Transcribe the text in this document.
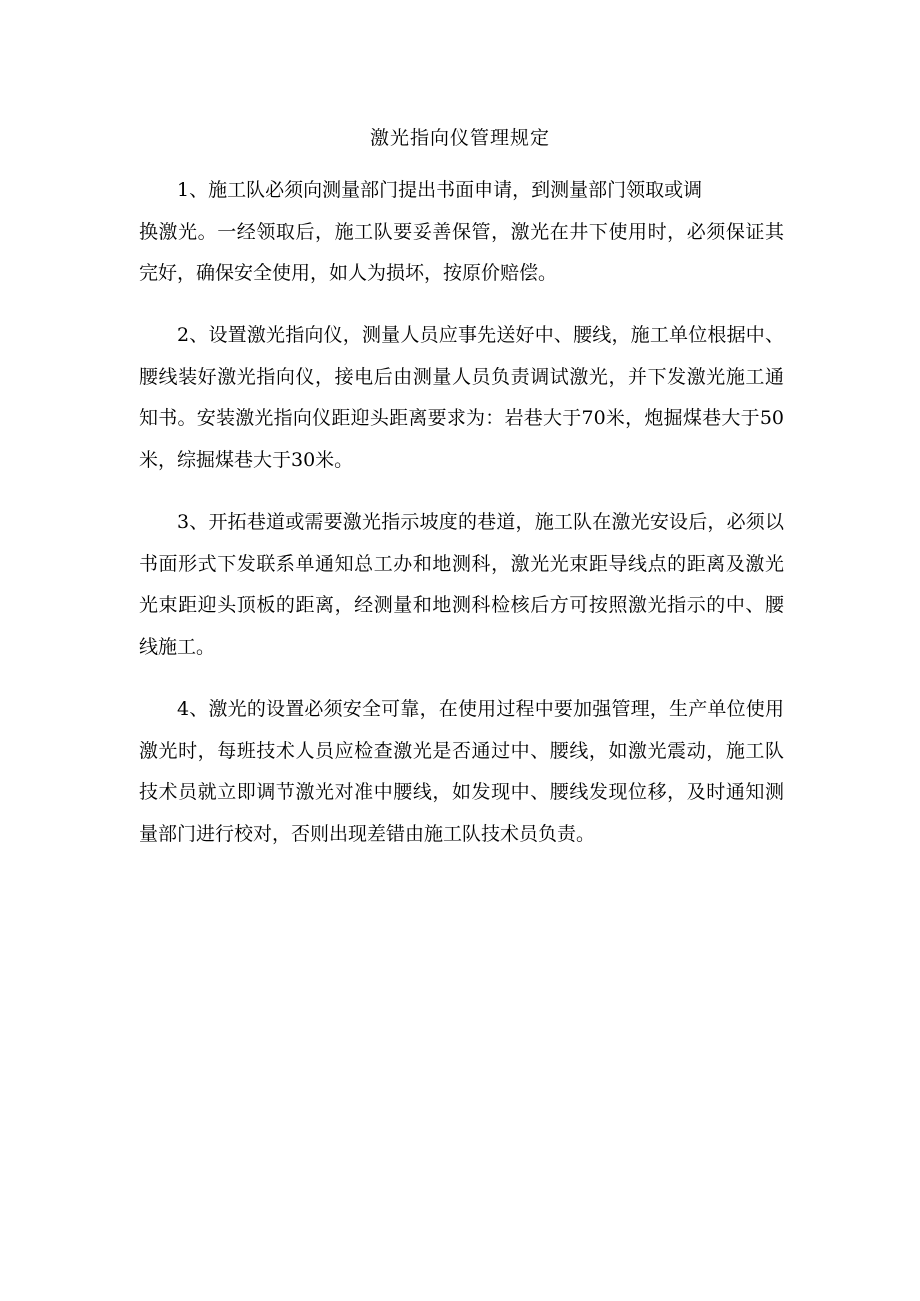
激光指向仪管理规定

1、施工队必须向测量部门提出书面申请，到测量部门领取或调
换激光。一经领取后，施工队要妥善保管，激光在井下使用时，必须保证其完好，确保安全使用，如人为损坏，按原价赔偿。

2、设置激光指向仪，测量人员应事先送好中、腰线，施工单位根据中、腰线装好激光指向仪，接电后由测量人员负责调试激光，并下发激光施工通知书。安装激光指向仪距迎头距离要求为：岩巷大于70米，炮掘煤巷大于50米，综掘煤巷大于30米。

3、开拓巷道或需要激光指示坡度的巷道，施工队在激光安设后，必须以书面形式下发联系单通知总工办和地测科，激光光束距导线点的距离及激光光束距迎头顶板的距离，经测量和地测科检核后方可按照激光指示的中、腰线施工。

4、激光的设置必须安全可靠，在使用过程中要加强管理，生产单位使用激光时，每班技术人员应检查激光是否通过中、腰线，如激光震动，施工队技术员就立即调节激光对准中腰线，如发现中、腰线发现位移，及时通知测量部门进行校对，否则出现差错由施工队技术员负责。
